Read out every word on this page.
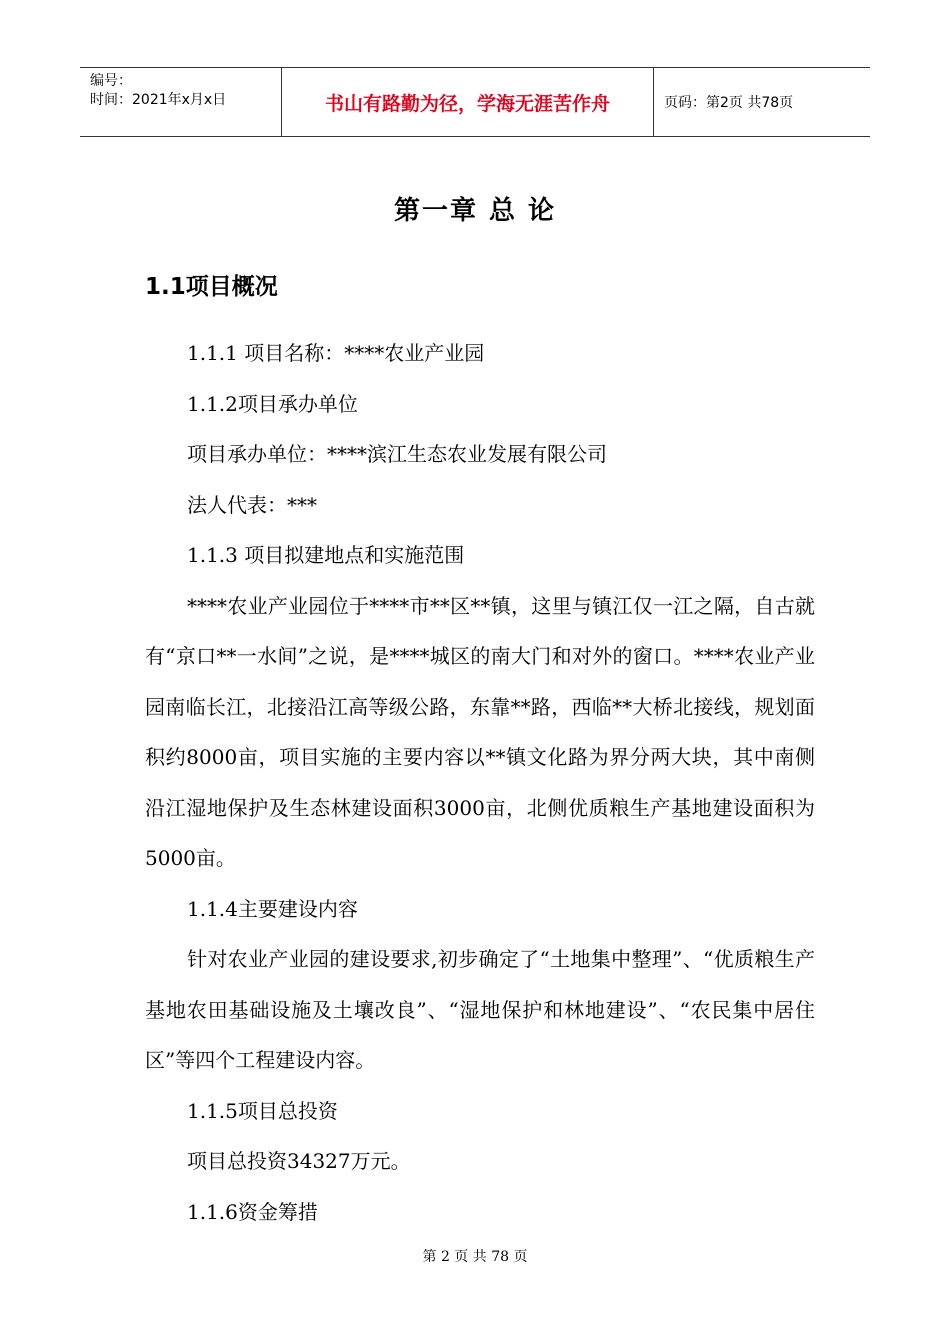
编号：
时间：2021年x月x日	书山有路勤为径，学海无涯苦作舟	页码：第2页 共78页
第一章 总 论
1.1项目概况

1.1.1 项目名称：****农业产业园

1.1.2项目承办单位

项目承办单位：****滨江生态农业发展有限公司

法人代表：***

1.1.3 项目拟建地点和实施范围

****农业产业园位于****市**区**镇，这里与镇江仅一江之隔，自古就有“京口**一水间”之说，是****城区的南大门和对外的窗口。****农业产业园南临长江，北接沿江高等级公路，东靠**路，西临**大桥北接线，规划面积约8000亩，项目实施的主要内容以**镇文化路为界分两大块，其中南侧沿江湿地保护及生态林建设面积3000亩，北侧优质粮生产基地建设面积为5000亩。

1.1.4主要建设内容

针对农业产业园的建设要求,初步确定了“土地集中整理”、“优质粮生产基地农田基础设施及土壤改良”、“湿地保护和林地建设”、“农民集中居住区”等四个工程建设内容。

1.1.5项目总投资

项目总投资34327万元。

1.1.6资金筹措

第 2 页 共 78 页
